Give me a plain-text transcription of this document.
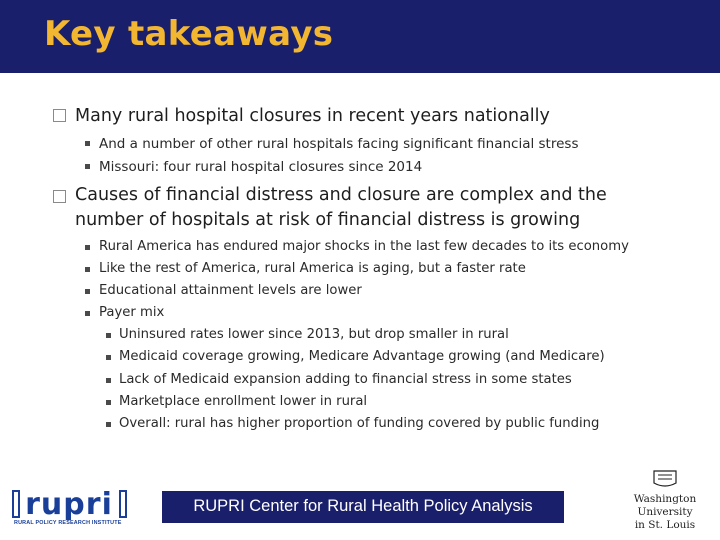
Key takeaways
Many rural hospital closures in recent years nationally
And a number of other rural hospitals facing significant financial stress
Missouri: four rural hospital closures since 2014
Causes of financial distress and closure are complex and the
number of hospitals at risk of financial distress is growing
Rural America has endured major shocks in the last few decades to its economy
Like the rest of America, rural America is aging, but a faster rate
Educational attainment levels are lower
Payer mix
Uninsured rates lower since 2013, but drop smaller in rural
Medicaid coverage growing, Medicare Advantage growing (and Medicare)
Lack of Medicaid expansion adding to financial stress in some states
Marketplace enrollment lower in rural
Overall: rural has higher proportion of funding covered by public funding
rupri
RURAL POLICY RESEARCH INSTITUTE
RUPRI Center for Rural Health Policy Analysis	Washington
University
in St. Louis
